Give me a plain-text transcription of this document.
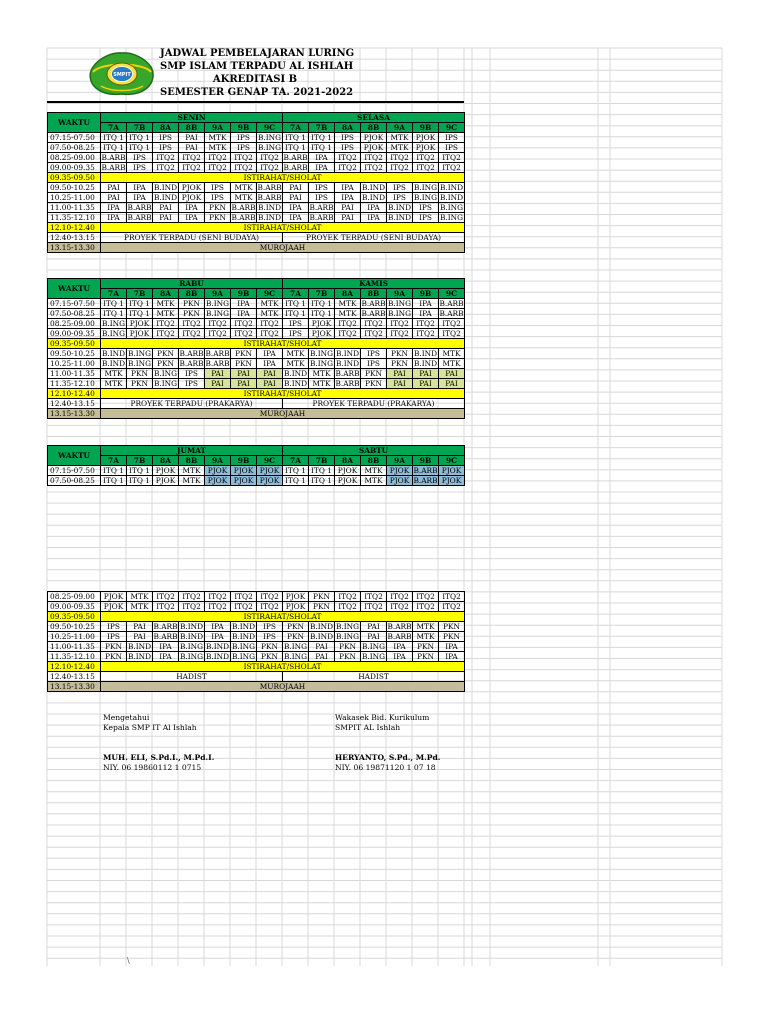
SMPIT
JADWAL PEMBELAJARAN LURING
SMP ISLAM TERPADU AL ISHLAH
AKREDITASI B
SEMESTER GENAP TA. 2021-2022
WAKTU	SENIN							SELASA						
	7A	7B	8A	8B	9A	9B	9C	7A	7B	8A	8B	9A	9B	9C
07.15-07.50	ITQ 1	ITQ 1	IPS	PAI	MTK	IPS	B.ING	ITQ 1	ITQ 1	IPS	PJOK	MTK	PJOK	IPS
07.50-08.25	ITQ 1	ITQ 1	IPS	PAI	MTK	IPS	B.ING	ITQ 1	ITQ 1	IPS	PJOK	MTK	PJOK	IPS
08.25-09.00	B.ARB	IPS	ITQ2	ITQ2	ITQ2	ITQ2	ITQ2	B.ARB	IPA	ITQ2	ITQ2	ITQ2	ITQ2	ITQ2
09.00-09.35	B.ARB	IPS	ITQ2	ITQ2	ITQ2	ITQ2	ITQ2	B.ARB	IPA	ITQ2	ITQ2	ITQ2	ITQ2	ITQ2
09.35-09.50	ISTIRAHAT/SHOLAT													
09.50-10.25	PAI	IPA	B.IND	PJOK	IPS	MTK	B.ARB	PAI	IPS	IPA	B.IND	IPS	B.ING	B.IND
10.25-11.00	PAI	IPA	B.IND	PJOK	IPS	MTK	B.ARB	PAI	IPS	IPA	B.IND	IPS	B.ING	B.IND
11.00-11.35	IPA	B.ARB	PAI	IPA	PKN	B.ARB	B.IND	IPA	B.ARB	PAI	IPA	B.IND	IPS	B.ING
11.35-12.10	IPA	B.ARB	PAI	IPA	PKN	B.ARB	B.IND	IPA	B.ARB	PAI	IPA	B.IND	IPS	B.ING
12.10-12.40	ISTIRAHAT/SHOLAT													
12.40-13.15	PROYEK TERPADU (SENI BUDAYA)							PROYEK TERPADU (SENI BUDAYA)						
13.15-13.30	MUROJAAH													
WAKTU	RABU							KAMIS						
	7A	7B	8A	8B	9A	9B	9C	7A	7B	8A	8B	9A	9B	9C
07.15-07.50	ITQ 1	ITQ 1	MTK	PKN	B.ING	IPA	MTK	ITQ 1	ITQ 1	MTK	B.ARB	B.ING	IPA	B.ARB
07.50-08.25	ITQ 1	ITQ 1	MTK	PKN	B.ING	IPA	MTK	ITQ 1	ITQ 1	MTK	B.ARB	B.ING	IPA	B.ARB
08.25-09.00	B.ING	PJOK	ITQ2	ITQ2	ITQ2	ITQ2	ITQ2	IPS	PJOK	ITQ2	ITQ2	ITQ2	ITQ2	ITQ2
09.00-09.35	B.ING	PJOK	ITQ2	ITQ2	ITQ2	ITQ2	ITQ2	IPS	PJOK	ITQ2	ITQ2	ITQ2	ITQ2	ITQ2
09.35-09.50	ISTIRAHAT/SHOLAT													
09.50-10.25	B.IND	B.ING	PKN	B.ARB	B.ARB	PKN	IPA	MTK	B.ING	B.IND	IPS	PKN	B.IND	MTK
10.25-11.00	B.IND	B.ING	PKN	B.ARB	B.ARB	PKN	IPA	MTK	B.ING	B.IND	IPS	PKN	B.IND	MTK
11.00-11.35	MTK	PKN	B.ING	IPS	PAI	PAI	PAI	B.IND	MTK	B.ARB	PKN	PAI	PAI	PAI
11.35-12.10	MTK	PKN	B.ING	IPS	PAI	PAI	PAI	B.IND	MTK	B.ARB	PKN	PAI	PAI	PAI
12.10-12.40	ISTIRAHAT/SHOLAT													
12.40-13.15	PROYEK TERPADU (PRAKARYA)							PROYEK TERPADU (PRAKARYA)						
13.15-13.30	MUROJAAH													
WAKTU	JUMAT							SABTU						
	7A	7B	8A	8B	9A	9B	9C	7A	7B	8A	8B	9A	9B	9C
07.15-07.50	ITQ 1	ITQ 1	PJOK	MTK	PJOK	PJOK	PJOK	ITQ 1	ITQ 1	PJOK	MTK	PJOK	B.ARB	PJOK
07.50-08.25	ITQ 1	ITQ 1	PJOK	MTK	PJOK	PJOK	PJOK	ITQ 1	ITQ 1	PJOK	MTK	PJOK	B.ARB	PJOK
08.25-09.00	PJOK	MTK	ITQ2	ITQ2	ITQ2	ITQ2	ITQ2	PJOK	PKN	ITQ2	ITQ2	ITQ2	ITQ2	ITQ2
09.00-09.35	PJOK	MTK	ITQ2	ITQ2	ITQ2	ITQ2	ITQ2	PJOK	PKN	ITQ2	ITQ2	ITQ2	ITQ2	ITQ2
09.35-09.50	ISTIRAHAT/SHOLAT													
09.50-10.25	IPS	PAI	B.ARB	B.IND	IPA	B.IND	IPS	PKN	B.IND	B.ING	PAI	B.ARB	MTK	PKN
10.25-11.00	IPS	PAI	B.ARB	B.IND	IPA	B.IND	IPS	PKN	B.IND	B.ING	PAI	B.ARB	MTK	PKN
11.00-11.35	PKN	B.IND	IPA	B.ING	B.IND	B.ING	PKN	B.ING	PAI	PKN	B.ING	IPA	PKN	IPA
11.35-12.10	PKN	B.IND	IPA	B.ING	B.IND	B.ING	PKN	B.ING	PAI	PKN	B.ING	IPA	PKN	IPA
12.10-12.40	ISTIRAHAT/SHOLAT													
12.40-13.15	HADIST							HADIST						
13.15-13.30	MUROJAAH													
Mengetahui
Kepala SMP IT Al Ishlah
MUH. ELI, S.Pd.I., M.Pd.I.
NIY. 06 19860112 1 0715
Wakasek Bid. Kurikulum
SMPIT AL Ishlah
HERYANTO, S.Pd., M.Pd.
NIY. 06 19871120 1 07 18
\
